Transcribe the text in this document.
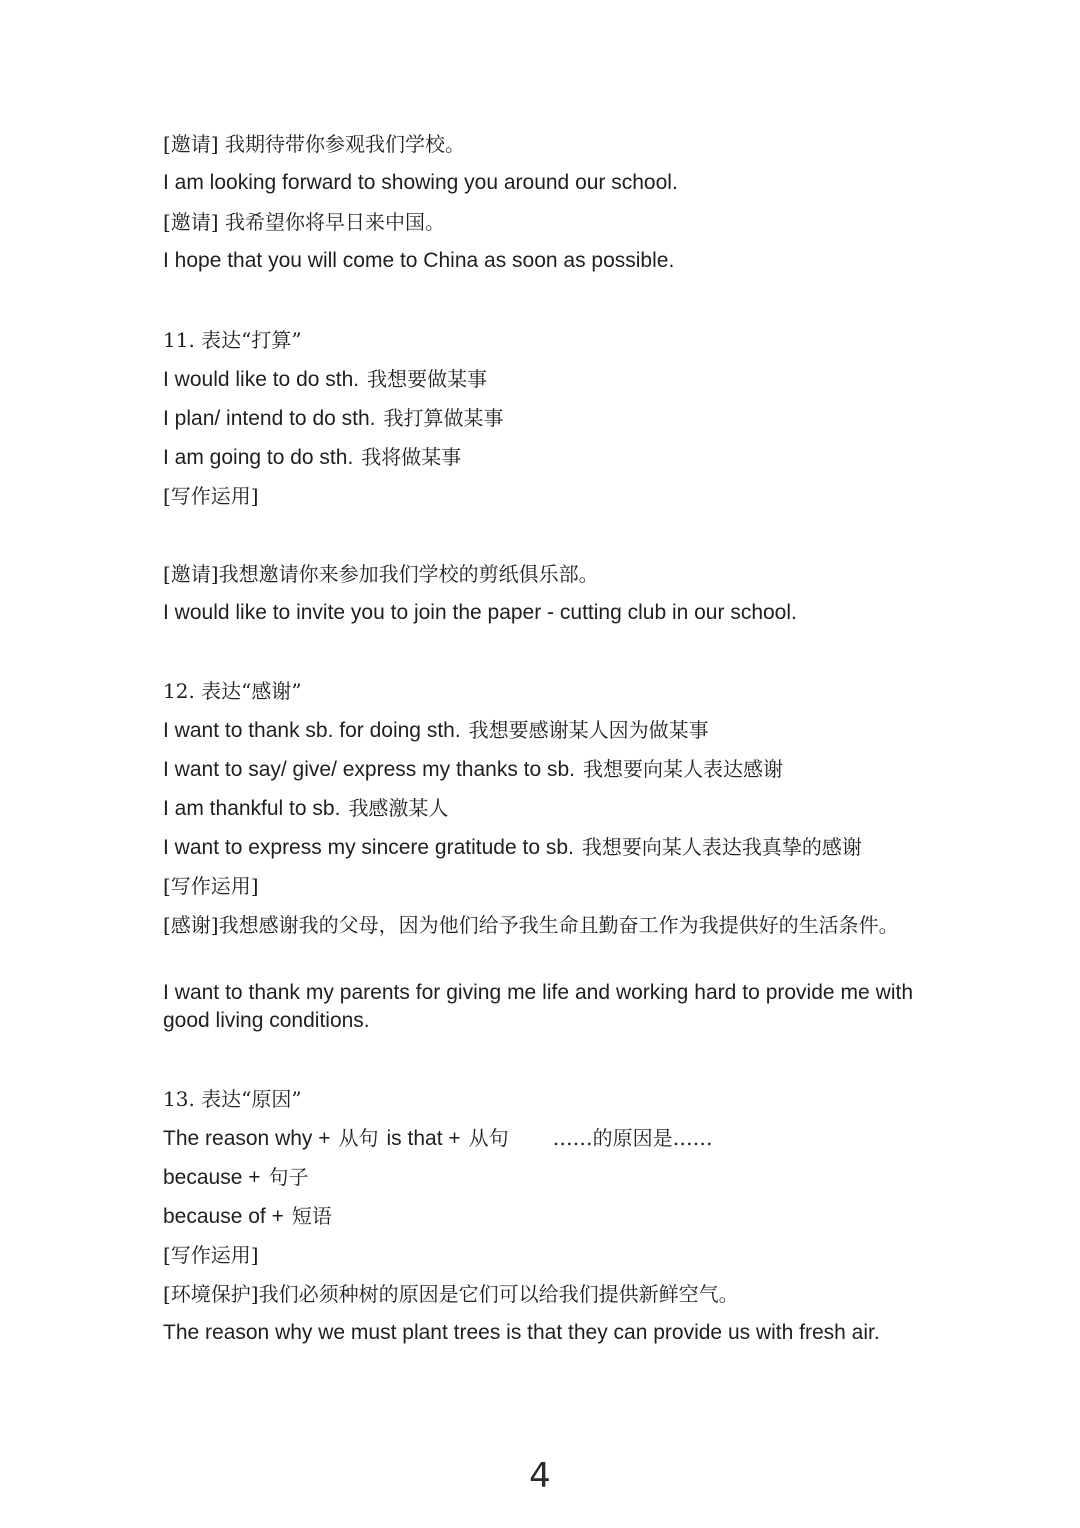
[邀请] 我期待带你参观我们学校。
I am looking forward to showing you around our school.
[邀请] 我希望你将早日来中国。
I hope that you will come to China as soon as possible.
11. 表达“打算”
I would like to do sth. 我想要做某事
I plan/ intend to do sth. 我打算做某事
I am going to do sth. 我将做某事
[写作运用]
[邀请]我想邀请你来参加我们学校的剪纸俱乐部。
I would like to invite you to join the paper - cutting club in our school.
12. 表达“感谢”
I want to thank sb. for doing sth. 我想要感谢某人因为做某事
I want to say/ give/ express my thanks to sb. 我想要向某人表达感谢
I am thankful to sb. 我感激某人
I want to express my sincere gratitude to sb. 我想要向某人表达我真挚的感谢
[写作运用]
[感谢]我想感谢我的父母，因为他们给予我生命且勤奋工作为我提供好的生活条件。
I want to thank my parents for giving me life and working hard to provide me with good living conditions.
13. 表达“原因”
The reason why + 从句 is that + 从句 ……的原因是……
because + 句子
because of + 短语
[写作运用]
[环境保护]我们必须种树的原因是它们可以给我们提供新鲜空气。
The reason why we must plant trees is that they can provide us with fresh air.
4
